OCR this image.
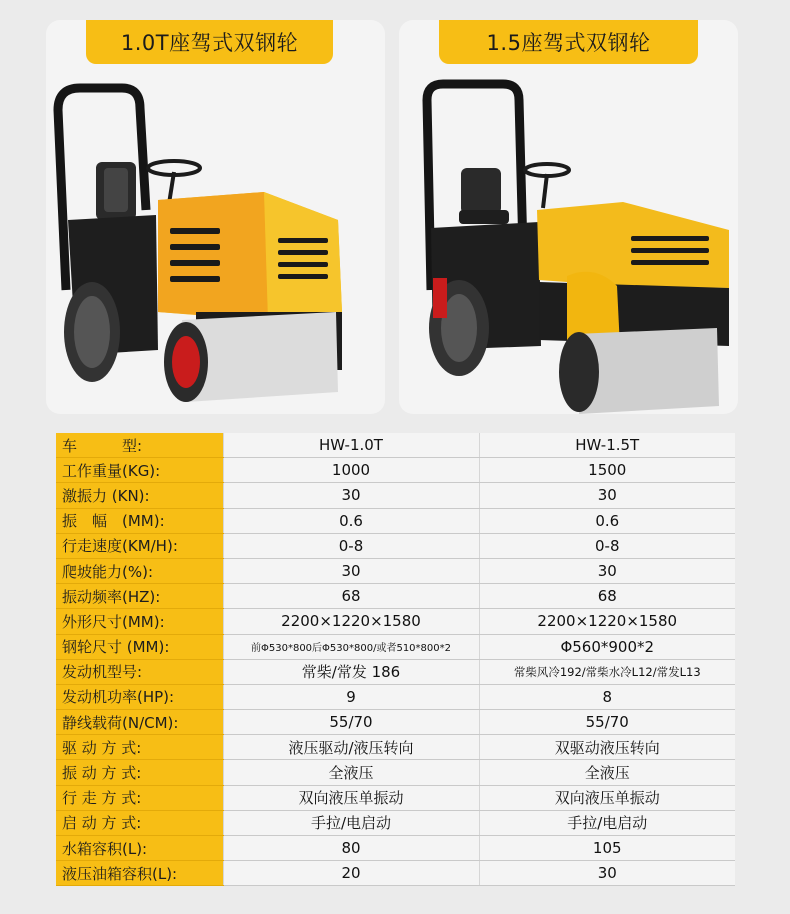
1.0T座驾式双钢轮	1.5座驾式双钢轮
车　　　型:	HW-1.0T	HW-1.5T
工作重量(KG):	1000	1500
激振力 (KN):	30	30
振　幅　(MM):	0.6	0.6
行走速度(KM/H):	0-8	0-8
爬坡能力(%):	30	30
振动频率(HZ):	68	68
外形尺寸(MM):	2200×1220×1580	2200×1220×1580
钢轮尺寸 (MM):	前Φ530*800后Φ530*800/或者510*800*2	Φ560*900*2
发动机型号:	常柴/常发 186	常柴风冷192/常柴水冷L12/常发L13
发动机功率(HP):	9	8
静线载荷(N/CM):	55/70	55/70
驱 动 方 式:	液压驱动/液压转向	双驱动液压转向
振 动 方 式:	全液压	全液压
行 走 方 式:	双向液压单振动	双向液压单振动
启 动 方 式:	手拉/电启动	手拉/电启动
水箱容积(L):	80	105
液压油箱容积(L):	20	30
